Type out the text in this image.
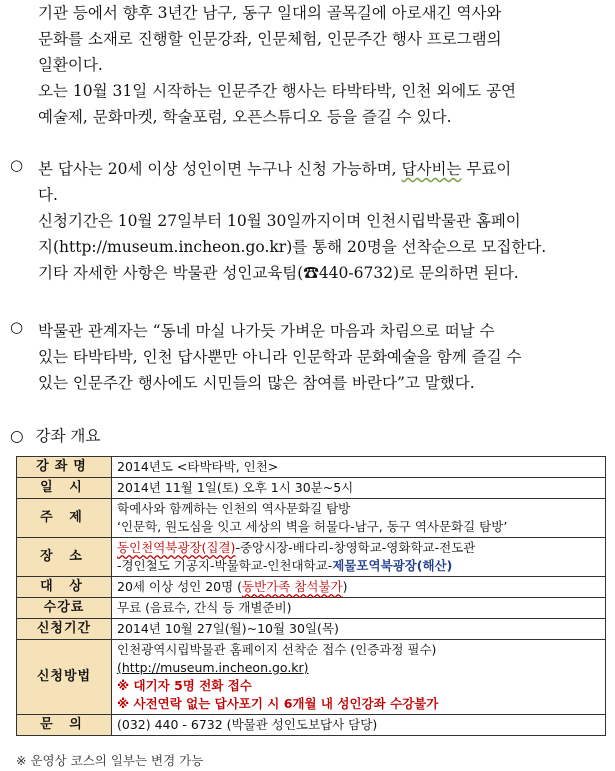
기관 등에서 향후 3년간 남구, 동구 일대의 골목길에 아로새긴 역사와

문화를 소재로 진행할 인문강좌, 인문체험, 인문주간 행사 프로그램의

일환이다.

오는 10월 31일 시작하는 인문주간 행사는 타박타박, 인천 외에도 공연

예술제, 문화마켓, 학술포럼, 오픈스튜디오 등을 즐길 수 있다.

○ 본 답사는 20세 이상 성인이면 누구나 신청 가능하며, 답사비는 무료이

다.

신청기간은 10월 27일부터 10월 30일까지이며 인천시립박물관 홈페이

지(http://museum.incheon.go.kr)를 통해 20명을 선착순으로 모집한다.

기타 자세한 사항은 박물관 성인교육팀(☎440-6732)로 문의하면 된다.

○ 박물관 관계자는 “동네 마실 나가듯 가벼운 마음과 차림으로 떠날 수

있는 타박타박, 인천 답사뿐만 아니라 인문학과 문화예술을 함께 즐길 수

있는 인문주간 행사에도 시민들의 많은 참여를 바란다”고 말했다.

○ 강좌 개요
강좌명	2014년도 <타박타박, 인천>
일 시	2014년 11월 1일(토) 오후 1시 30분~5시
주 제	학예사와 함께하는 인천의 역사문화길 탐방
‘인문학, 원도심을 잇고 세상의 벽을 허물다-남구, 동구 역사문화길 탐방’

장 소	동인천역북광장(집결)-중앙시장-배다리-창영학교-영화학교-전도관
-경인철도 기공지-박물학교-인천대학교-제물포역북광장(해산)

대 상	20세 이상 성인 20명 (동반가족 참석불가)
수강료	무료 (음료수, 간식 등 개별준비)
신청기간	2014년 10월 27일(월)~10월 30일(목)
신청방법	인천광역시립박물관 홈페이지 선착순 접수 (인증과정 필수)
(http://museum.incheon.go.kr)
※ 대기자 5명 전화 접수
※ 사전연락 없는 답사포기 시 6개월 내 성인강좌 수강불가

문 의	(032) 440 - 6732 (박물관 성인도보답사 담당)
※ 운영상 코스의 일부는 변경 가능
